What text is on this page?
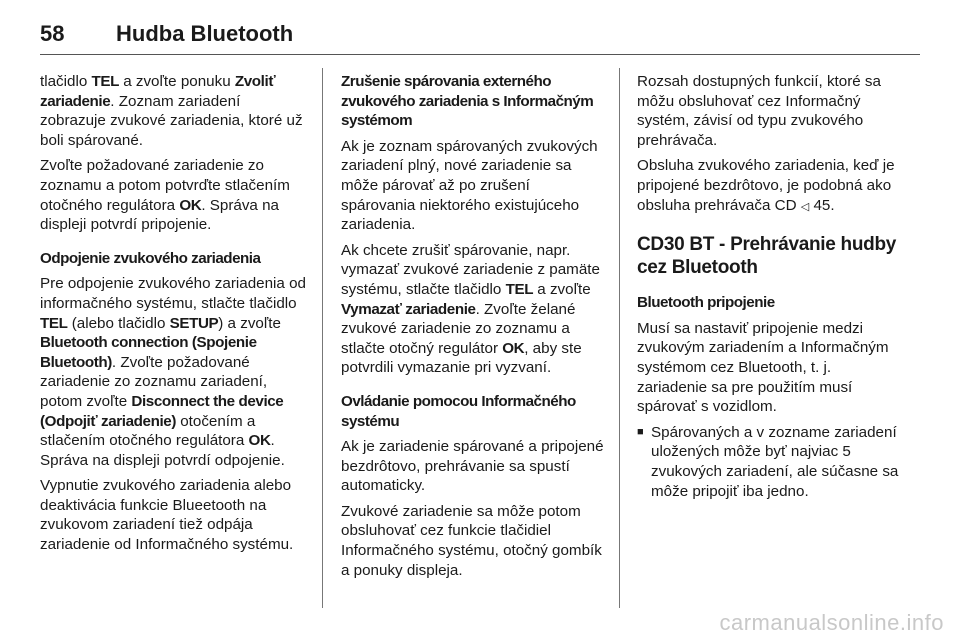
58	Hudba Bluetooth

tlačidlo TEL a zvoľte ponuku Zvoliť zariadenie. Zoznam zariadení zobrazuje zvukové zariadenia, ktoré už boli spárované.

Zvoľte požadované zariadenie zo zoznamu a potom potvrďte stlačením otočného regulátora OK. Správa na displeji potvrdí pripojenie.

Odpojenie zvukového zariadenia

Pre odpojenie zvukového zariadenia od informačného systému, stlačte tlačidlo TEL (alebo tlačidlo SETUP) a zvoľte Bluetooth connection (Spojenie Bluetooth). Zvoľte požadované zariadenie zo zoznamu zariadení, potom zvoľte Disconnect the device (Odpojiť zariadenie) otočením a stlačením otočného regulátora OK. Správa na displeji potvrdí odpojenie.

Vypnutie zvukového zariadenia alebo deaktivácia funkcie Blueetooth na zvukovom zariadení tiež odpája zariadenie od Informačného systému.

Zrušenie spárovania externého zvukového zariadenia s Informačným systémom

Ak je zoznam spárovaných zvukových zariadení plný, nové zariadenie sa môže párovať až po zrušení spárovania niektorého existujúceho zariadenia.

Ak chcete zrušiť spárovanie, napr. vymazať zvukové zariadenie z pamäte systému, stlačte tlačidlo TEL a zvoľte Vymazať zariadenie. Zvoľte želané zvukové zariadenie zo zoznamu a stlačte otočný regulátor OK, aby ste potvrdili vymazanie pri vyzvaní.

Ovládanie pomocou Informačného systému

Ak je zariadenie spárované a pripojené bezdrôtovo, prehrávanie sa spustí automaticky.

Zvukové zariadenie sa môže potom obsluhovať cez funkcie tlačidiel Informačného systému, otočný gombík a ponuky displeja.

Rozsah dostupných funkcií, ktoré sa môžu obsluhovať cez Informačný systém, závisí od typu zvukového prehrávača.

Obsluha zvukového zariadenia, keď je pripojené bezdrôtovo, je podobná ako obsluha prehrávača CD ◁ 45.

CD30 BT - Prehrávanie hudby cez Bluetooth

Bluetooth pripojenie

Musí sa nastaviť pripojenie medzi zvukovým zariadením a Informačným systémom cez Bluetooth, t. j. zariadenie sa pre použitím musí spárovať s vozidlom.

■ Spárovaných a v zozname zariadení uložených môže byť najviac 5 zvukových zariadení, ale súčasne sa môže pripojiť iba jedno.
carmanualsonline.info
